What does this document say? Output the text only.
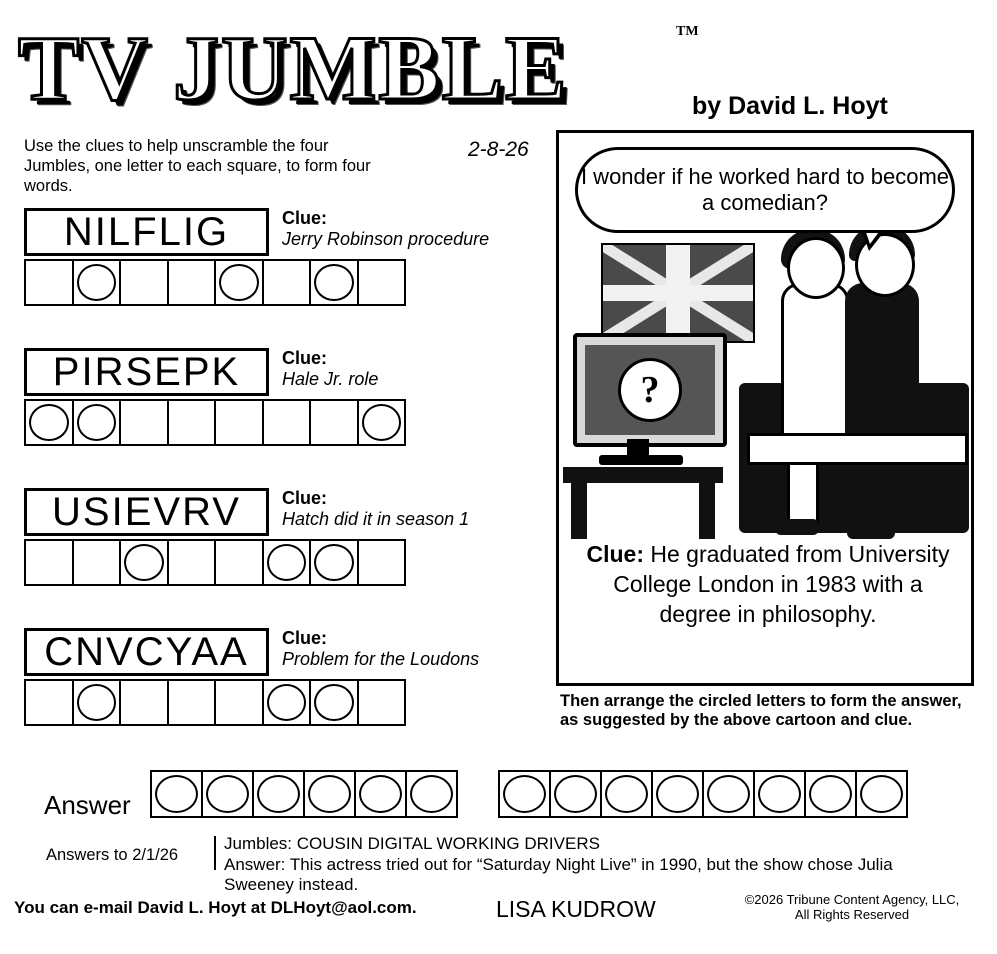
TV JUMBLE	TM
by David L. Hoyt
Use the clues to help unscramble the four Jumbles, one letter to each square, to form four words.
2-8-26
NILFLIG	Clue:
Jerry Robinson procedure
PIRSEPK	Clue:
Hale Jr. role
USIEVRV	Clue:
Hatch did it in season 1
CNVCYAA	Clue:
Problem for the Loudons
?
I wonder if he worked hard to become a comedian?
Clue: He graduated from University College London in 1983 with a degree in philosophy.
Then arrange the circled letters to form the answer, as suggested by the above cartoon and clue.
Answer
Answers to 2/1/26
Jumbles: COUSIN DIGITAL WORKING DRIVERS
Answer: This actress tried out for “Saturday Night Live” in 1990, but the show chose Julia Sweeney instead.
You can e-mail David L. Hoyt at DLHoyt@aol.com.	LISA KUDROW	©2026 Tribune Content Agency, LLC,
All Rights Reserved
